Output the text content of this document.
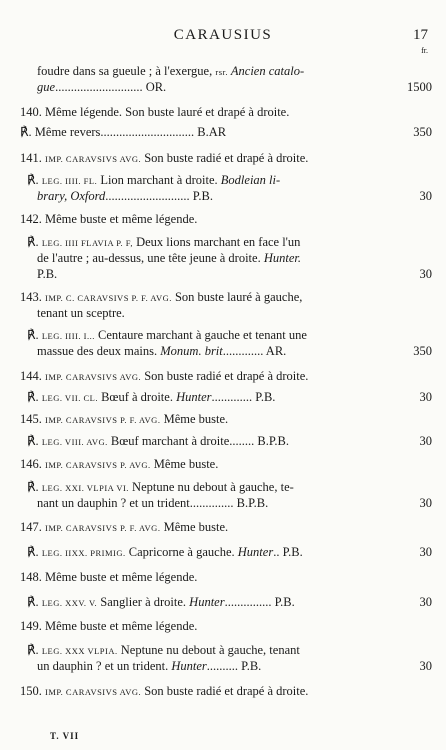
CARAUSIUS	17
fr.
foudre dans sa gueule ; à l'exergue, rsr. Ancien catalo-
gue............................ OR.	1500
140. Même légende. Son buste lauré et drapé à droite.
℟. Même revers.............................. B.AR	350
141. IMP. CARAVSIVS AVG. Son buste radié et drapé à droite.
℟. LEG. IIII. FL. Lion marchant à droite. Bodleian li-
brary, Oxford........................... P.B.	30
142. Même buste et même légende.
℟. LEG. IIII FLAVIA P. F, Deux lions marchant en face l'un
de l'autre ; au-dessus, une tête jeune à droite. Hunter.
P.B.	30
143. IMP. C. CARAVSIVS P. F. AVG. Son buste lauré à gauche,
tenant un sceptre.
℟. LEG. IIII. I... Centaure marchant à gauche et tenant une
massue des deux mains. Monum. brit............. AR.	350
144. IMP. CARAVSIVS AVG. Son buste radié et drapé à droite.
℟. LEG. VII. CL. Bœuf à droite. Hunter............. P.B.	30
145. IMP. CARAVSIVS P. F. AVG. Même buste.
℟. LEG. VIII. AVG. Bœuf marchant à droite........ B.P.B.	30
146. IMP. CARAVSIVS P. AVG. Même buste.
℟. LEG. XXI. VLPIA VI. Neptune nu debout à gauche, te-
nant un dauphin ? et un trident.............. B.P.B.	30
147. IMP. CARAVSIVS P. F. AVG. Même buste.
℟. LEG. IIXX. PRIMIG. Capricorne à gauche. Hunter.. P.B.	30
148. Même buste et même légende.
℟. LEG. XXV. V. Sanglier à droite. Hunter............... P.B.	30
149. Même buste et même légende.
℟. LEG. XXX VLPIA. Neptune nu debout à gauche, tenant
un dauphin ? et un trident. Hunter.......... P.B.	30
150. IMP. CARAVSIVS AVG. Son buste radié et drapé à droite.
T. VII
